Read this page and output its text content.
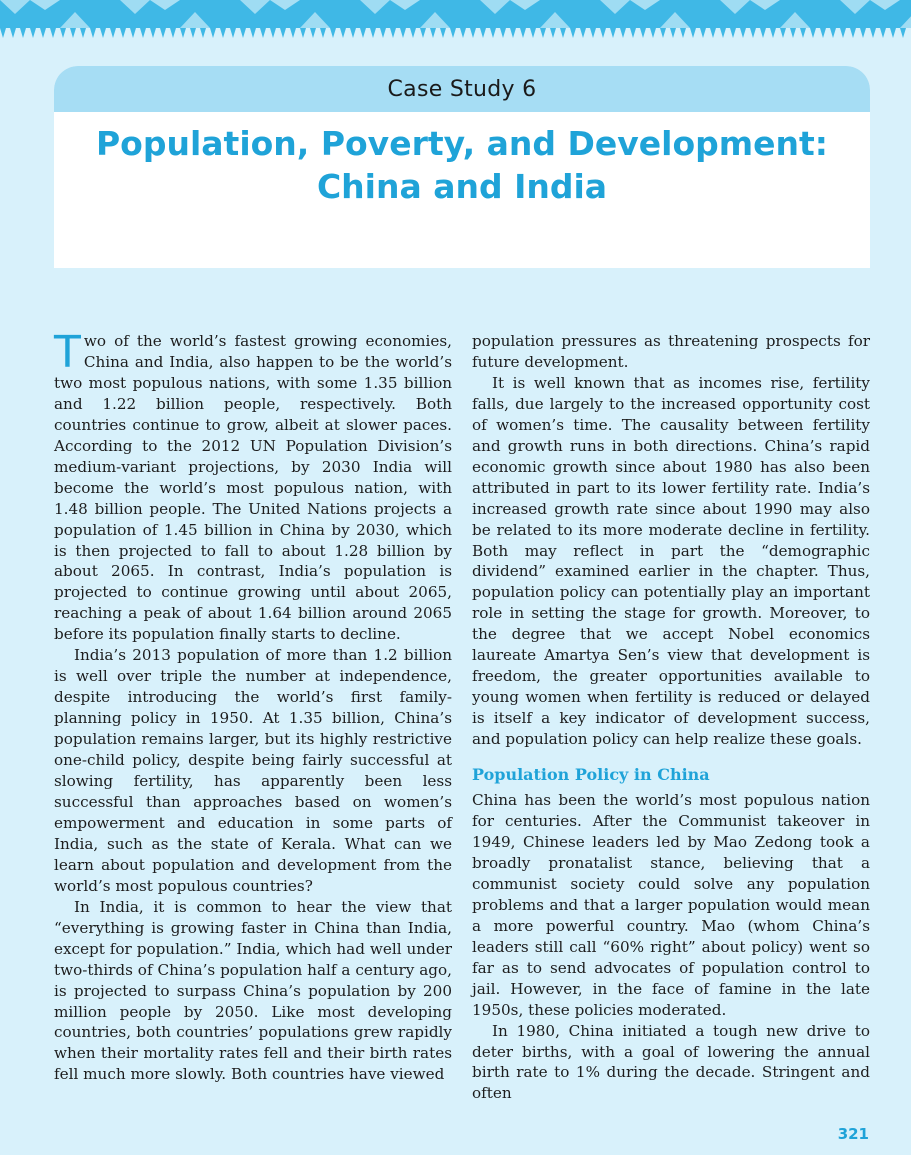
Case Study 6
Population, Poverty, and Development:
China and India

Two of the world’s fastest growing economies, China and India, also happen to be the world’s two most populous nations, with some 1.35 billion and 1.22 billion people, respectively. Both countries continue to grow, albeit at slower paces. According to the 2012 UN Population Division’s medium-variant projections, by 2030 India will become the world’s most populous nation, with 1.48 billion people. The United Nations projects a population of 1.45 billion in China by 2030, which is then projected to fall to about 1.28 billion by about 2065. In contrast, India’s population is projected to continue growing until about 2065, reaching a peak of about 1.64 billion around 2065 before its population finally starts to decline.

India’s 2013 population of more than 1.2 billion is well over triple the number at independence, despite introducing the world’s first family-planning policy in 1950. At 1.35 billion, China’s population remains larger, but its highly restrictive one-child policy, despite being fairly successful at slowing fertility, has apparently been less successful than approaches based on women’s empowerment and education in some parts of India, such as the state of Kerala. What can we learn about population and development from the world’s most populous countries?

In India, it is common to hear the view that “everything is growing faster in China than India, except for population.” India, which had well under two-thirds of China’s population half a century ago, is projected to surpass China’s population by 200 million people by 2050. Like most developing countries, both countries’ populations grew rapidly when their mortality rates fell and their birth rates fell much more slowly. Both countries have viewed

population pressures as threatening prospects for future development.

It is well known that as incomes rise, fertility falls, due largely to the increased opportunity cost of women’s time. The causality between fertility and growth runs in both directions. China’s rapid economic growth since about 1980 has also been attributed in part to its lower fertility rate. India’s increased growth rate since about 1990 may also be related to its more moderate decline in fertility. Both may reflect in part the “demographic dividend” examined earlier in the chapter. Thus, population policy can potentially play an important role in setting the stage for growth. Moreover, to the degree that we accept Nobel economics laureate Amartya Sen’s view that development is freedom, the greater opportunities available to young women when fertility is reduced or delayed is itself a key indicator of development success, and population policy can help realize these goals.

Population Policy in China

China has been the world’s most populous nation for centuries. After the Communist takeover in 1949, Chinese leaders led by Mao Zedong took a broadly pronatalist stance, believing that a communist society could solve any population problems and that a larger population would mean a more powerful country. Mao (whom China’s leaders still call “60% right” about policy) went so far as to send advocates of population control to jail. However, in the face of famine in the late 1950s, these policies moderated.

In 1980, China initiated a tough new drive to deter births, with a goal of lowering the annual birth rate to 1% during the decade. Stringent and often

321
